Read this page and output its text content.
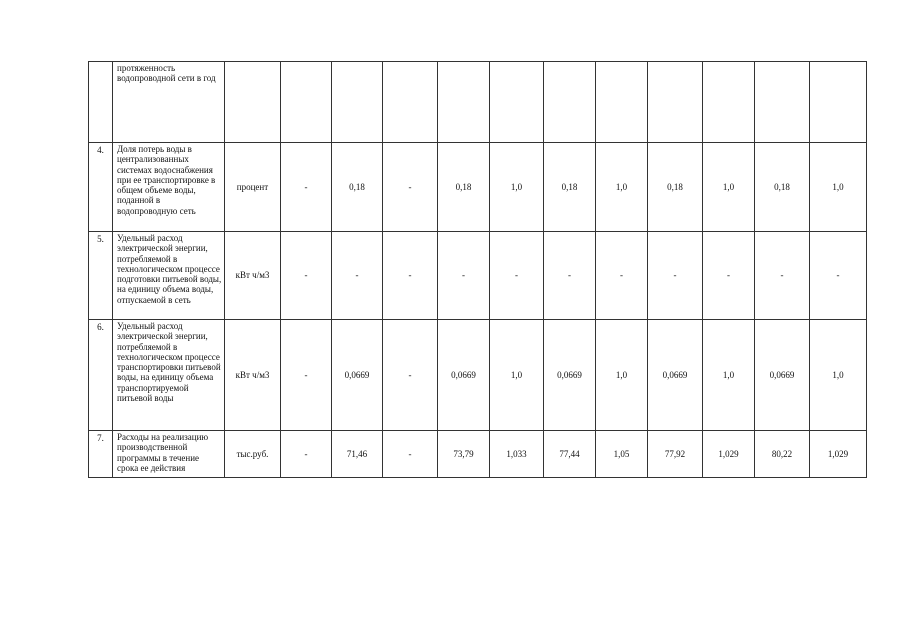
	протяженность водопроводной сети в год												
4.	Доля потерь воды в централизованных системах водоснабжения при ее транспортировке в общем объеме воды, поданной в водопроводную сеть	процент	-	0,18	-	0,18	1,0	0,18	1,0	0,18	1,0	0,18	1,0
5.	Удельный расход электрической энергии, потребляемой в технологическом процессе подготовки питьевой воды, на единицу объема воды, отпускаемой в сеть	кВт ч/м3	-	-	-	-	-	-	-	-	-	-	-
6.	Удельный расход электрической энергии, потребляемой в технологическом процессе транспортировки питьевой воды, на единицу объема транспортируемой питьевой воды	кВт ч/м3	-	0,0669	-	0,0669	1,0	0,0669	1,0	0,0669	1,0	0,0669	1,0
7.	Расходы на реализацию производственной программы в течение срока ее действия	тыс.руб.	-	71,46	-	73,79	1,033	77,44	1,05	77,92	1,029	80,22	1,029
